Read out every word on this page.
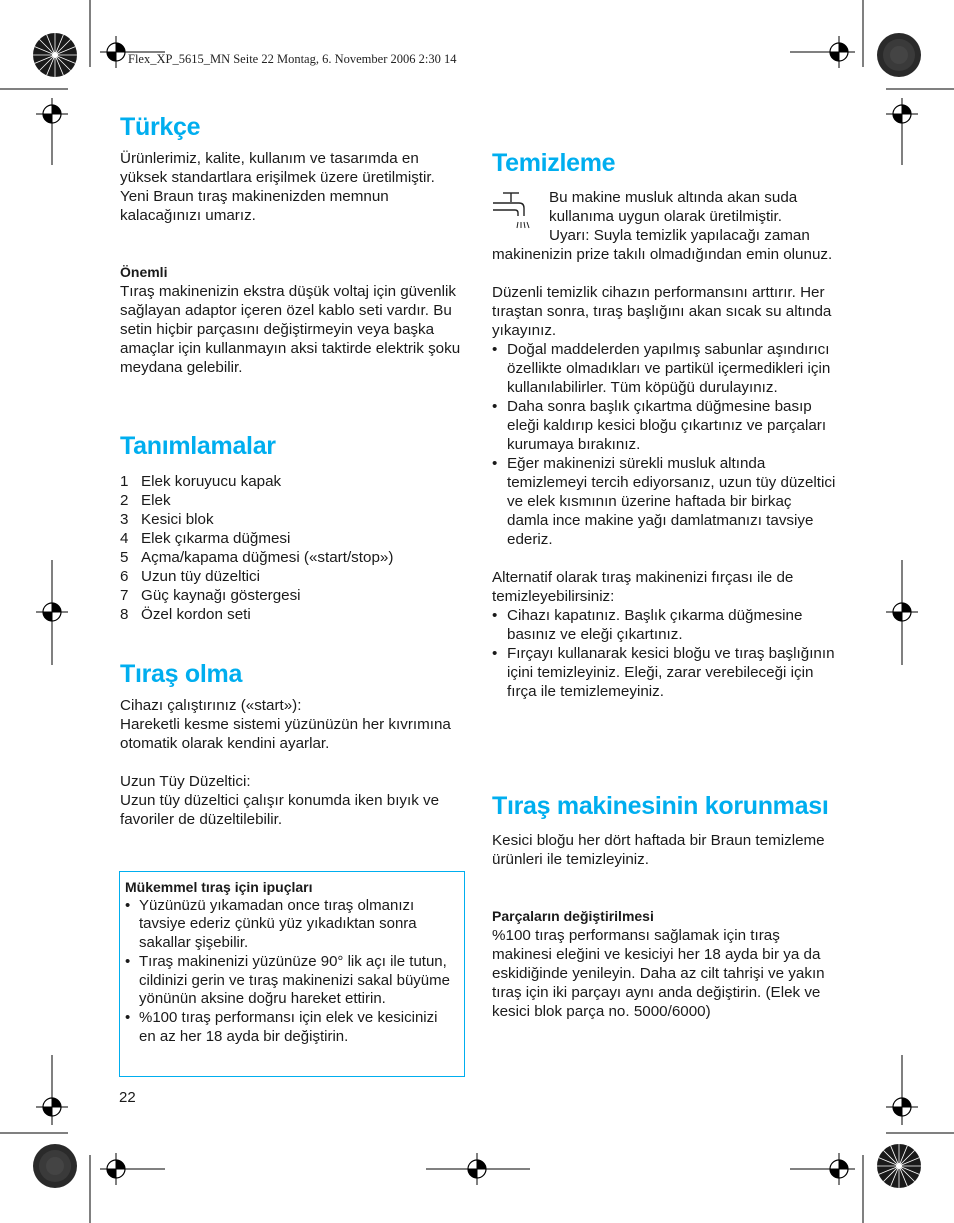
Flex_XP_5615_MN Seite 22 Montag, 6. November 2006 2:30 14
Türkçe

Ürünlerimiz, kalite, kullanım ve tasarımda en yüksek standartlara erişilmek üzere üretilmiştir. Yeni Braun tıraş makinenizden memnun kalacağınızı umarız.

Önemli

Tıraş makinenizin ekstra düşük voltaj için güvenlik sağlayan adaptor içeren özel kablo seti vardır. Bu setin hiçbir parçasını değiştirmeyin veya başka amaçlar için kullanmayın aksi taktirde elektrik şoku meydana gelebilir.

Tanımlamalar
1 Elek koruyucu kapak
2 Elek
3 Kesici blok
4 Elek çıkarma düğmesi
5 Açma/kapama düğmesi («start/stop»)
6 Uzun tüy düzeltici
7 Güç kaynağı göstergesi
8 Özel kordon seti
Tıraş olma

Cihazı çalıştırınız («start»):

Hareketli kesme sistemi yüzünüzün her kıvrımına otomatik olarak kendini ayarlar.

Uzun Tüy Düzeltici:

Uzun tüy düzeltici çalışır konumda iken bıyık ve favoriler de düzeltilebilir.

Mükemmel tıraş için ipuçları

• Yüzünüzü yıkamadan once tıraş olmanızı tavsiye ederiz çünkü yüz yıkadıktan sonra sakallar şişebilir.
• Tıraş makinenizi yüzünüze 90° lik açı ile tutun, cildinizi gerin ve tıraş makinenizi sakal büyüme yönünün aksine doğru hareket ettirin.
• %100 tıraş performansı için elek ve kesicinizi en az her 18 ayda bir değiştirin.
22
Temizleme

Bu makine musluk altında akan suda kullanıma uygun olarak üretilmiştir.

Uyarı: Suyla temizlik yapılacağı zaman makinenizin prize takılı olmadığından emin olunuz.

Düzenli temizlik cihazın performansını arttırır. Her tıraştan sonra, tıraş başlığını akan sıcak su altında yıkayınız.

• Doğal maddelerden yapılmış sabunlar aşındırıcı özellikte olmadıkları ve partikül içermedikleri için kullanılabilirler. Tüm köpüğü durulayınız.
• Daha sonra başlık çıkartma düğmesine basıp eleği kaldırıp kesici bloğu çıkartınız ve parçaları kurumaya bırakınız.
• Eğer makinenizi sürekli musluk altında temizlemeyi tercih ediyorsanız, uzun tüy düzeltici ve elek kısmının üzerine haftada bir birkaç damla ince makine yağı damlatmanızı tavsiye ederiz.

Alternatif olarak tıraş makinenizi fırçası ile de temizleyebilirsiniz:

• Cihazı kapatınız. Başlık çıkarma düğmesine basınız ve eleği çıkartınız.
• Fırçayı kullanarak kesici bloğu ve tıraş başlığının içini temizleyiniz. Eleği, zarar verebileceği için fırça ile temizlemeyiniz.
Tıraş makinesinin korunması

Kesici bloğu her dört haftada bir Braun temizleme ürünleri ile temizleyiniz.

Parçaların değiştirilmesi

%100 tıraş performansı sağlamak için tıraş makinesi eleğini ve kesiciyi her 18 ayda bir ya da eskidiğinde yenileyin. Daha az cilt tahrişi ve yakın tıraş için iki parçayı aynı anda değiştirin. (Elek ve kesici blok parça no. 5000/6000)
